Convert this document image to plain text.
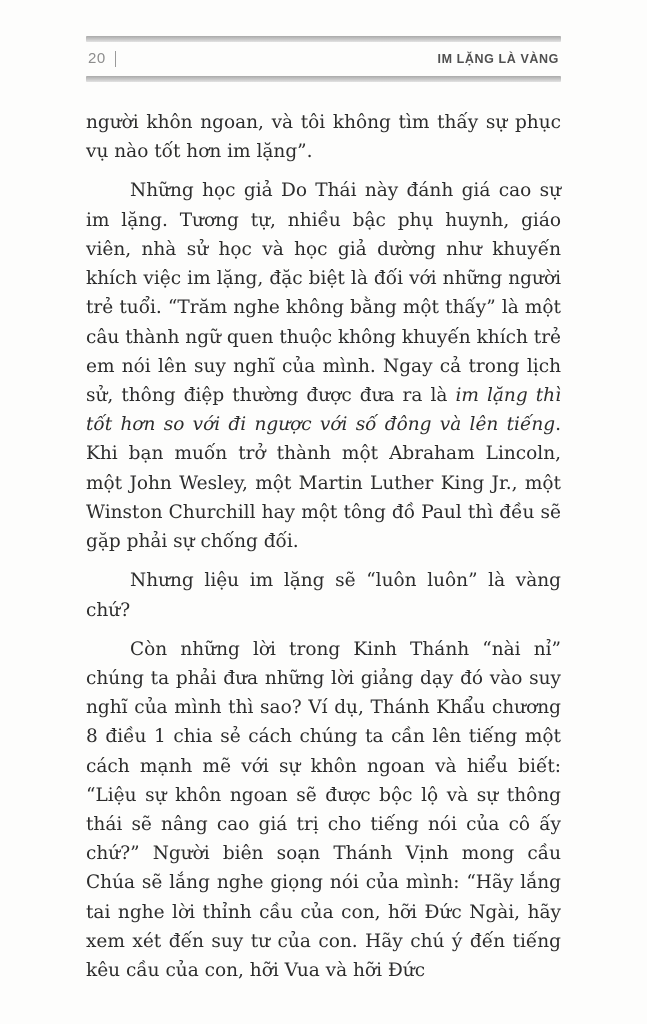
20	IM LẶNG LÀ VÀNG

người khôn ngoan, và tôi không tìm thấy sự phục vụ nào tốt hơn im lặng”.

Những học giả Do Thái này đánh giá cao sự im lặng. Tương tự, nhiều bậc phụ huynh, giáo viên, nhà sử học và học giả dường như khuyến khích việc im lặng, đặc biệt là đối với những người trẻ tuổi. “Trăm nghe không bằng một thấy” là một câu thành ngữ quen thuộc không khuyến khích trẻ em nói lên suy nghĩ của mình. Ngay cả trong lịch sử, thông điệp thường được đưa ra là im lặng thì tốt hơn so với đi ngược với số đông và lên tiếng. Khi bạn muốn trở thành một Abraham Lincoln, một John Wesley, một Martin Luther King Jr., một Winston Churchill hay một tông đồ Paul thì đều sẽ gặp phải sự chống đối.

Nhưng liệu im lặng sẽ “luôn luôn” là vàng chứ?

Còn những lời trong Kinh Thánh “nài nỉ” chúng ta phải đưa những lời giảng dạy đó vào suy nghĩ của mình thì sao? Ví dụ, Thánh Khẩu chương 8 điều 1 chia sẻ cách chúng ta cần lên tiếng một cách mạnh mẽ với sự khôn ngoan và hiểu biết: “Liệu sự khôn ngoan sẽ được bộc lộ và sự thông thái sẽ nâng cao giá trị cho tiếng nói của cô ấy chứ?” Người biên soạn Thánh Vịnh mong cầu Chúa sẽ lắng nghe giọng nói của mình: “Hãy lắng tai nghe lời thỉnh cầu của con, hỡi Đức Ngài, hãy xem xét đến suy tư của con. Hãy chú ý đến tiếng kêu cầu của con, hỡi Vua và hỡi Đức
